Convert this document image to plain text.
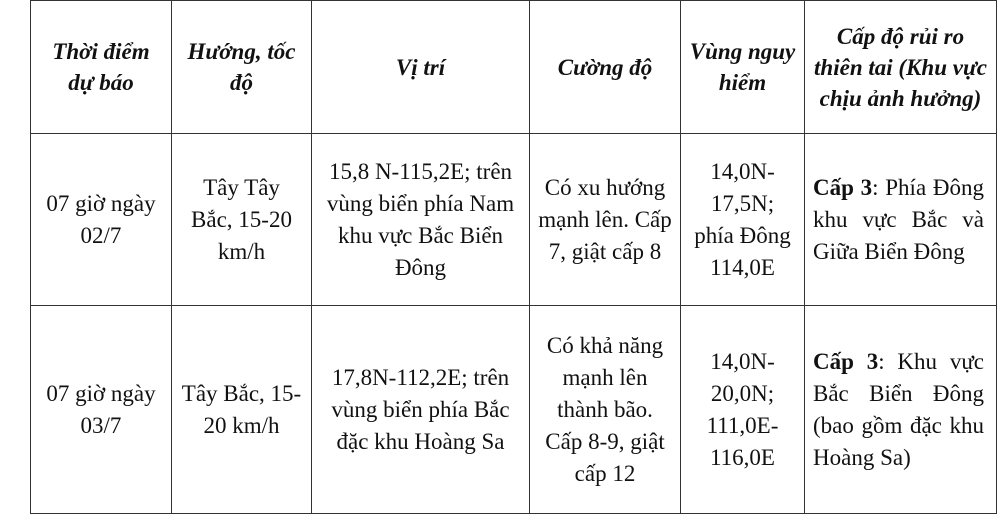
Thời điểm dự báo	Hướng, tốc độ	Vị trí	Cường độ	Vùng nguy hiểm	Cấp độ rủi ro thiên tai (Khu vực chịu ảnh hưởng)
07 giờ ngày 02/7	Tây Tây Bắc, 15-20 km/h	15,8 N-115,2E; trên vùng biển phía Nam khu vực Bắc Biển Đông	Có xu hướng mạnh lên. Cấp 7, giật cấp 8	14,0N-17,5N; phía Đông 114,0E	Cấp 3: Phía Đông khu vực Bắc và Giữa Biển Đông
07 giờ ngày 03/7	Tây Bắc, 15-20 km/h	17,8N-112,2E; trên vùng biển phía Bắc đặc khu Hoàng Sa	Có khả năng mạnh lên thành bão. Cấp 8-9, giật cấp 12	14,0N-20,0N; 111,0E-116,0E	Cấp 3: Khu vực Bắc Biển Đông (bao gồm đặc khu Hoàng Sa)
